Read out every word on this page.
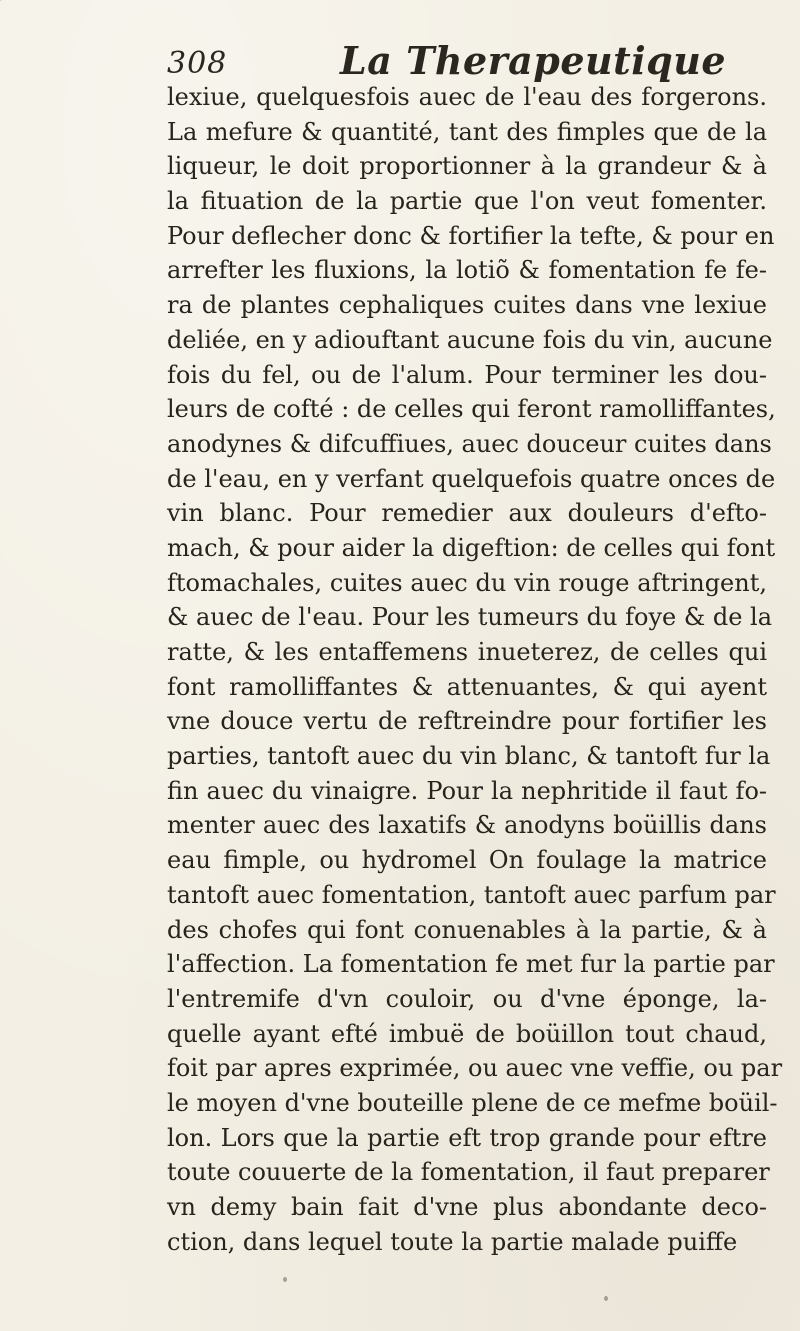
308	La Therapeutique
lexiue, quelquesfois auec de l'eau des forgerons.
La mefure & quantité, tant des fimples que de la
liqueur, le doit proportionner à la grandeur & à
la fituation de la partie que l'on veut fomenter.
Pour deflecher donc & fortifier la tefte, & pour en
arrefter les fluxions, la lotiõ & fomentation fe fe-
ra de plantes cephaliques cuites dans vne lexiue
deliée, en y adiouftant aucune fois du vin, aucune
fois du fel, ou de l'alum. Pour terminer les dou-
leurs de cofté : de celles qui feront ramolliffantes,
anodynes & difcuffiues, auec douceur cuites dans
de l'eau, en y verfant quelquefois quatre onces de
vin blanc. Pour remedier aux douleurs d'efto-
mach, & pour aider la digeftion: de celles qui font
ftomachales, cuites auec du vin rouge aftringent,
& auec de l'eau. Pour les tumeurs du foye & de la
ratte, & les entaffemens inueterez, de celles qui
font ramolliffantes & attenuantes, & qui ayent
vne douce vertu de reftreindre pour fortifier les
parties, tantoft auec du vin blanc, & tantoft fur la
fin auec du vinaigre. Pour la nephritide il faut fo-
menter auec des laxatifs & anodyns boüillis dans
eau fimple, ou hydromel On foulage la matrice
tantoft auec fomentation, tantoft auec parfum par
des chofes qui font conuenables à la partie, & à
l'affection. La fomentation fe met fur la partie par
l'entremife d'vn couloir, ou d'vne éponge, la-
quelle ayant efté imbuë de boüillon tout chaud,
foit par apres exprimée, ou auec vne veffie, ou par
le moyen d'vne bouteille plene de ce mefme boüil-
lon. Lors que la partie eft trop grande pour eftre
toute couuerte de la fomentation, il faut preparer
vn demy bain fait d'vne plus abondante deco-
ction, dans lequel toute la partie malade puiffe
